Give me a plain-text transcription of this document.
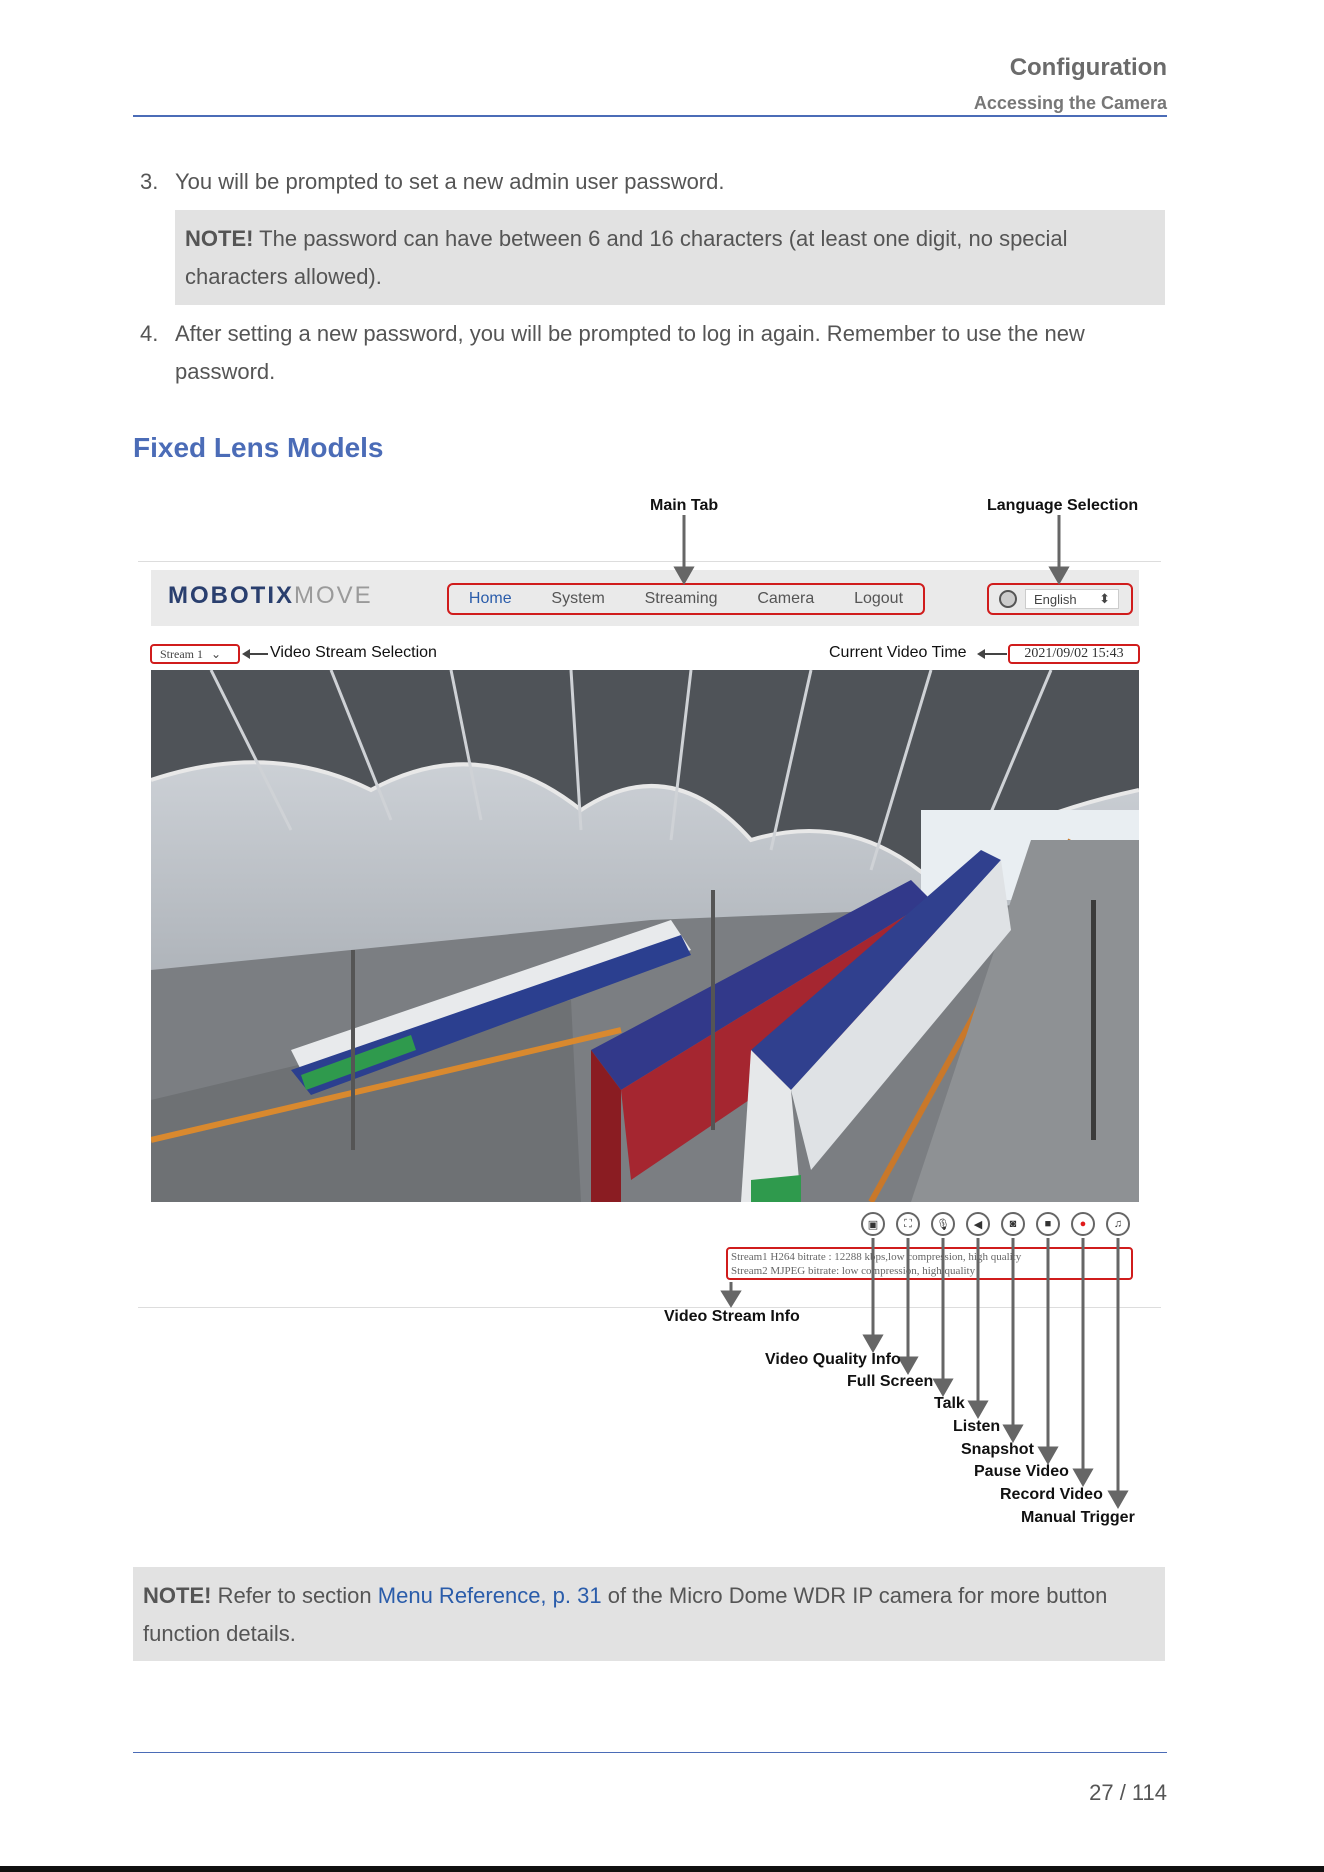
Configuration
Accessing the Camera
3. You will be prompted to set a new admin user password.
NOTE! The password can have between 6 and 16 characters (at least one digit, no special
characters allowed).
4. After setting a new password, you will be prompted to log in again. Remember to use the new
password.
Fixed Lens Models
Main Tab	Language Selection
MOBOTIXMOVE	Home System Streaming Camera Logout	English ⬍
Stream 1 ⌄	Video Stream Selection	Current Video Time	2021/09/02 15:43
▣	⛶	🎙	◀	◙	■	●	♫
Stream1 H264 bitrate : 12288 kbps,low compression, high quality
Stream2 MJPEG bitrate: low compression, high quality
Video Stream Info
Video Quality Info
Full Screen
Talk
Listen
Snapshot
Pause Video
Record Video
Manual Trigger
NOTE! Refer to section Menu Reference, p. 31 of the Micro Dome WDR IP camera for more button
function details.
27 / 114
